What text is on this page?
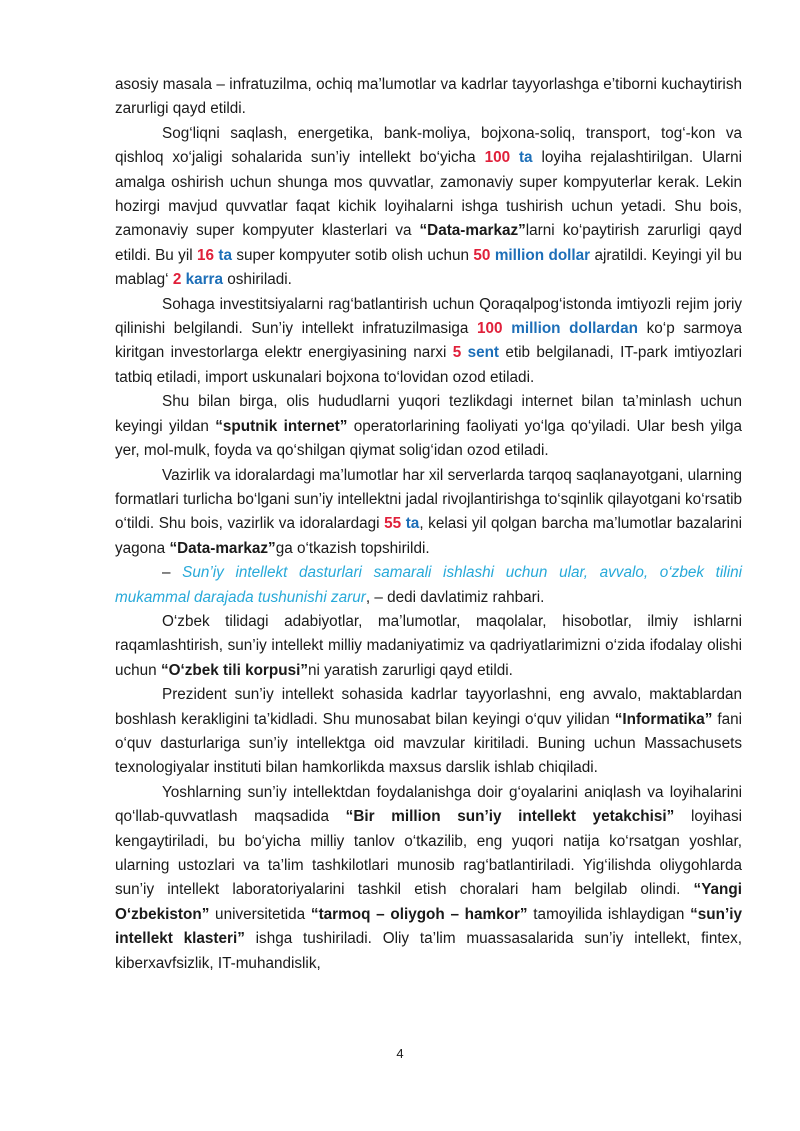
asosiy masala – infratuzilma, ochiq ma’lumotlar va kadrlar tayyorlashga e’tiborni kuchaytirish zarurligi qayd etildi.

Sog‘liqni saqlash, energetika, bank-moliya, bojxona-soliq, transport, tog‘-kon va qishloq xo‘jaligi sohalarida sun’iy intellekt bo‘yicha 100 ta loyiha rejalashtirilgan. Ularni amalga oshirish uchun shunga mos quvvatlar, zamonaviy super kompyuterlar kerak. Lekin hozirgi mavjud quvvatlar faqat kichik loyihalarni ishga tushirish uchun yetadi. Shu bois, zamonaviy super kompyuter klasterlari va “Data-markaz”larni ko‘paytirish zarurligi qayd etildi. Bu yil 16 ta super kompyuter sotib olish uchun 50 million dollar ajratildi. Keyingi yil bu mablag‘ 2 karra oshiriladi.

Sohaga investitsiyalarni rag‘batlantirish uchun Qoraqalpog‘istonda imtiyozli rejim joriy qilinishi belgilandi. Sun’iy intellekt infratuzilmasiga 100 million dollardan ko‘p sarmoya kiritgan investorlarga elektr energiyasining narxi 5 sent etib belgilanadi, IT-park imtiyozlari tatbiq etiladi, import uskunalari bojxona to‘lovidan ozod etiladi.

Shu bilan birga, olis hududlarni yuqori tezlikdagi internet bilan ta’minlash uchun keyingi yildan “sputnik internet” operatorlarining faoliyati yo‘lga qo‘yiladi. Ular besh yilga yer, mol-mulk, foyda va qo‘shilgan qiymat solig‘idan ozod etiladi.

Vazirlik va idoralardagi ma’lumotlar har xil serverlarda tarqoq saqlanayotgani, ularning formatlari turlicha bo‘lgani sun’iy intellektni jadal rivojlantirishga to‘sqinlik qilayotgani ko‘rsatib o‘tildi. Shu bois, vazirlik va idoralardagi 55 ta, kelasi yil qolgan barcha ma’lumotlar bazalarini yagona “Data-markaz”ga o‘tkazish topshirildi.

– Sun’iy intellekt dasturlari samarali ishlashi uchun ular, avvalo, o‘zbek tilini mukammal darajada tushunishi zarur, – dedi davlatimiz rahbari.

O‘zbek tilidagi adabiyotlar, ma’lumotlar, maqolalar, hisobotlar, ilmiy ishlarni raqamlashtirish, sun’iy intellekt milliy madaniyatimiz va qadriyatlarimizni o‘zida ifodalay olishi uchun “O‘zbek tili korpusi”ni yaratish zarurligi qayd etildi.

Prezident sun’iy intellekt sohasida kadrlar tayyorlashni, eng avvalo, maktablardan boshlash kerakligini ta’kidladi. Shu munosabat bilan keyingi o‘quv yilidan “Informatika” fani o‘quv dasturlariga sun’iy intellektga oid mavzular kiritiladi. Buning uchun Massachusets texnologiyalar instituti bilan hamkorlikda maxsus darslik ishlab chiqiladi.

Yoshlarning sun’iy intellektdan foydalanishga doir g‘oyalarini aniqlash va loyihalarini qo‘llab-quvvatlash maqsadida “Bir million sun’iy intellekt yetakchisi” loyihasi kengaytiriladi, bu bo‘yicha milliy tanlov o‘tkazilib, eng yuqori natija ko‘rsatgan yoshlar, ularning ustozlari va ta’lim tashkilotlari munosib rag‘batlantiriladi. Yig‘ilishda oliygohlarda sun’iy intellekt laboratoriyalarini tashkil etish choralari ham belgilab olindi. “Yangi O‘zbekiston” universitetida “tarmoq – oliygoh – hamkor” tamoyilida ishlaydigan “sun’iy intellekt klasteri” ishga tushiriladi. Oliy ta’lim muassasalarida sun’iy intellekt, fintex, kiberxavfsizlik, IT-muhandislik,

4
